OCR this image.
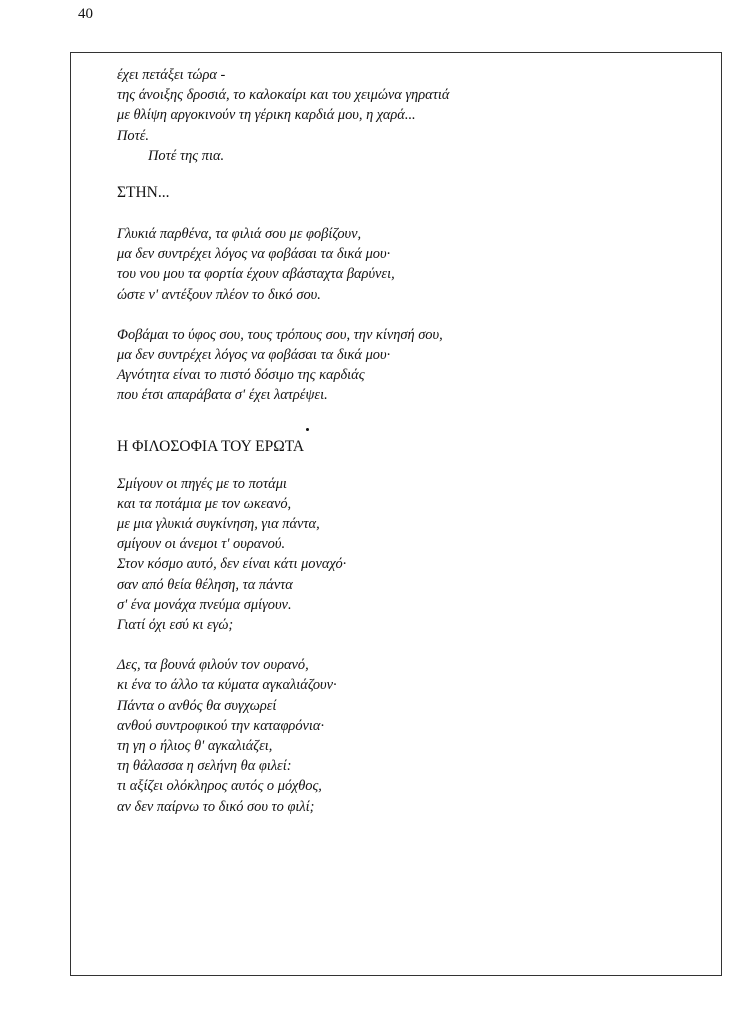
40

έχει πετάξει τώρα -

της άνοιξης δροσιά, το καλοκαίρι και του χειμώνα γηρατιά

με θλίψη αργοκινούν τη γέρικη καρδιά μου, η χαρά...

Ποτέ.

Ποτέ της πια.

ΣΤΗΝ...

Γλυκιά παρθένα, τα φιλιά σου με φοβίζουν,

μα δεν συντρέχει λόγος να φοβάσαι τα δικά μου·

του νου μου τα φορτία έχουν αβάσταχτα βαρύνει,

ώστε ν' αντέξουν πλέον το δικό σου.

Φοβάμαι το ύφος σου, τους τρόπους σου, την κίνησή σου,

μα δεν συντρέχει λόγος να φοβάσαι τα δικά μου·

Αγνότητα είναι το πιστό δόσιμο της καρδιάς

που έτσι απαράβατα σ' έχει λατρέψει.

Η ΦΙΛΟΣΟΦΙΑ ΤΟΥ ΕΡΩΤΑ

Σμίγουν οι πηγές με το ποτάμι

και τα ποτάμια με τον ωκεανό,

με μια γλυκιά συγκίνηση, για πάντα,

σμίγουν οι άνεμοι τ' ουρανού.

Στον κόσμο αυτό, δεν είναι κάτι μοναχό·

σαν από θεία θέληση, τα πάντα

σ' ένα μονάχα πνεύμα σμίγουν.

Γιατί όχι εσύ κι εγώ;

Δες, τα βουνά φιλούν τον ουρανό,

κι ένα το άλλο τα κύματα αγκαλιάζουν·

Πάντα ο ανθός θα συγχωρεί

ανθού συντροφικού την καταφρόνια·

τη γη ο ήλιος θ' αγκαλιάζει,

τη θάλασσα η σελήνη θα φιλεί:

τι αξίζει ολόκληρος αυτός ο μόχθος,

αν δεν παίρνω το δικό σου το φιλί;
